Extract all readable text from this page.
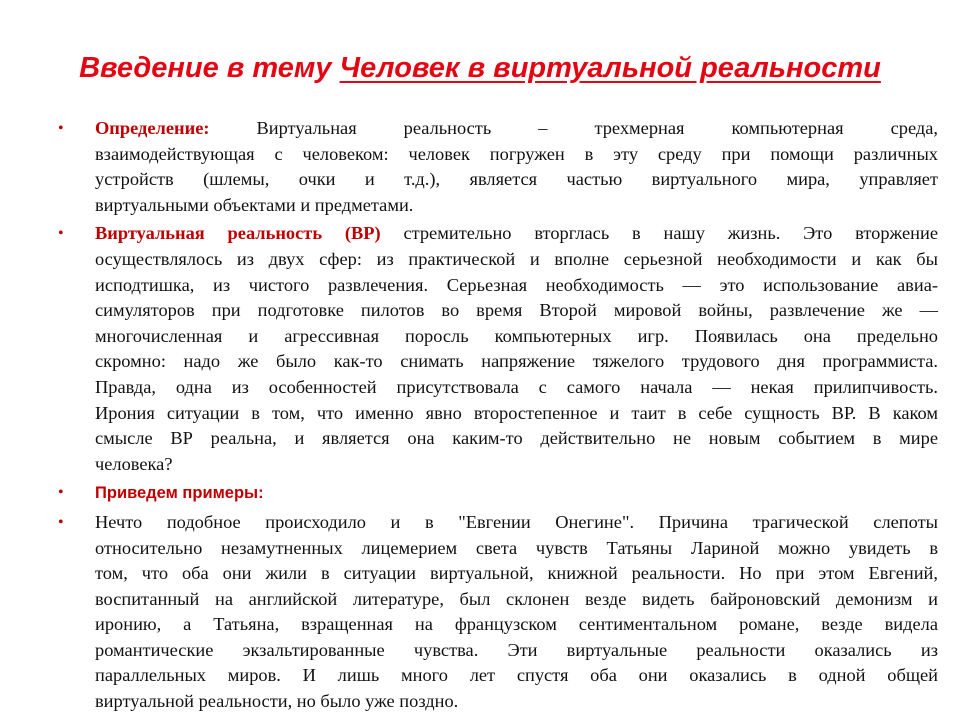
Введение в тему Человек в виртуальной реальности
• Определение: Виртуальная реальность – трехмерная компьютерная среда,
взаимодействующая с человеком: человек погружен в эту среду при помощи различных
устройств (шлемы, очки и т.д.), является частью виртуального мира, управляет
виртуальными объектами и предметами.
• Виртуальная реальность (ВР) стремительно вторглась в нашу жизнь. Это вторжение
осуществлялось из двух сфер: из практической и вполне серьезной необходимости и как бы
исподтишка, из чистого развлечения. Серьезная необходимость — это использование авиа-
симуляторов при подготовке пилотов во время Второй мировой войны, развлечение же —
многочисленная и агрессивная поросль компьютерных игр. Появилась она предельно
скромно: надо же было как-то снимать напряжение тяжелого трудового дня программиста.
Правда, одна из особенностей присутствовала с самого начала — некая прилипчивость.
Ирония ситуации в том, что именно явно второстепенное и таит в себе сущность ВР. В каком
смысле ВР реальна, и является она каким-то действительно не новым событием в мире
человека?
• Приведем примеры:
• Нечто подобное происходило и в "Евгении Онегине". Причина трагической слепоты
относительно незамутненных лицемерием света чувств Татьяны Лариной можно увидеть в
том, что оба они жили в ситуации виртуальной, книжной реальности. Но при этом Евгений,
воспитанный на английской литературе, был склонен везде видеть байроновский демонизм и
иронию, а Татьяна, взращенная на французском сентиментальном романе, везде видела
романтические экзальтированные чувства. Эти виртуальные реальности оказались из
параллельных миров. И лишь много лет спустя оба они оказались в одной общей
виртуальной реальности, но было уже поздно.
